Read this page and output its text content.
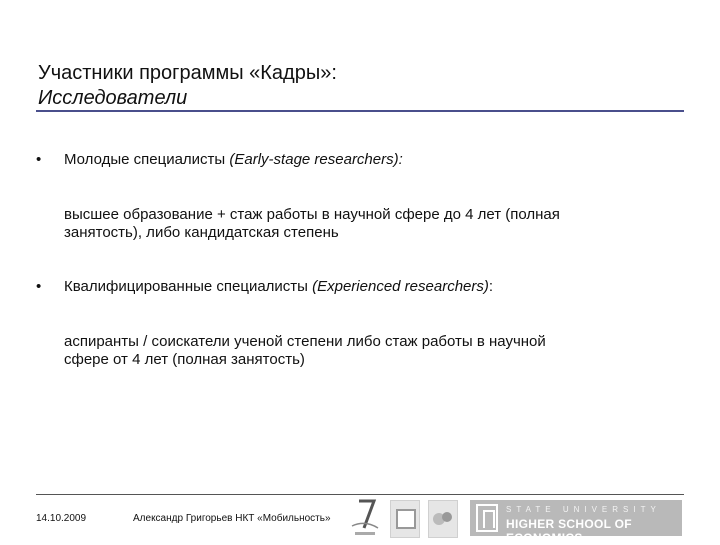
Участники программы «Кадры»:
Исследователи
• Молодые специалисты (Early-stage researchers):
высшее образование + стаж работы в научной сфере до 4 лет (полная
занятость), либо кандидатская степень
• Квалифицированные специалисты (Experienced researchers):
аспиранты / соискатели ученой степени либо стаж работы в научной
сфере от 4 лет (полная занятость)
14.10.2009	Александр Григорьев НКТ «Мобильность»
STATE UNIVERSITY
HIGHER SCHOOL OF ECONOMICS
